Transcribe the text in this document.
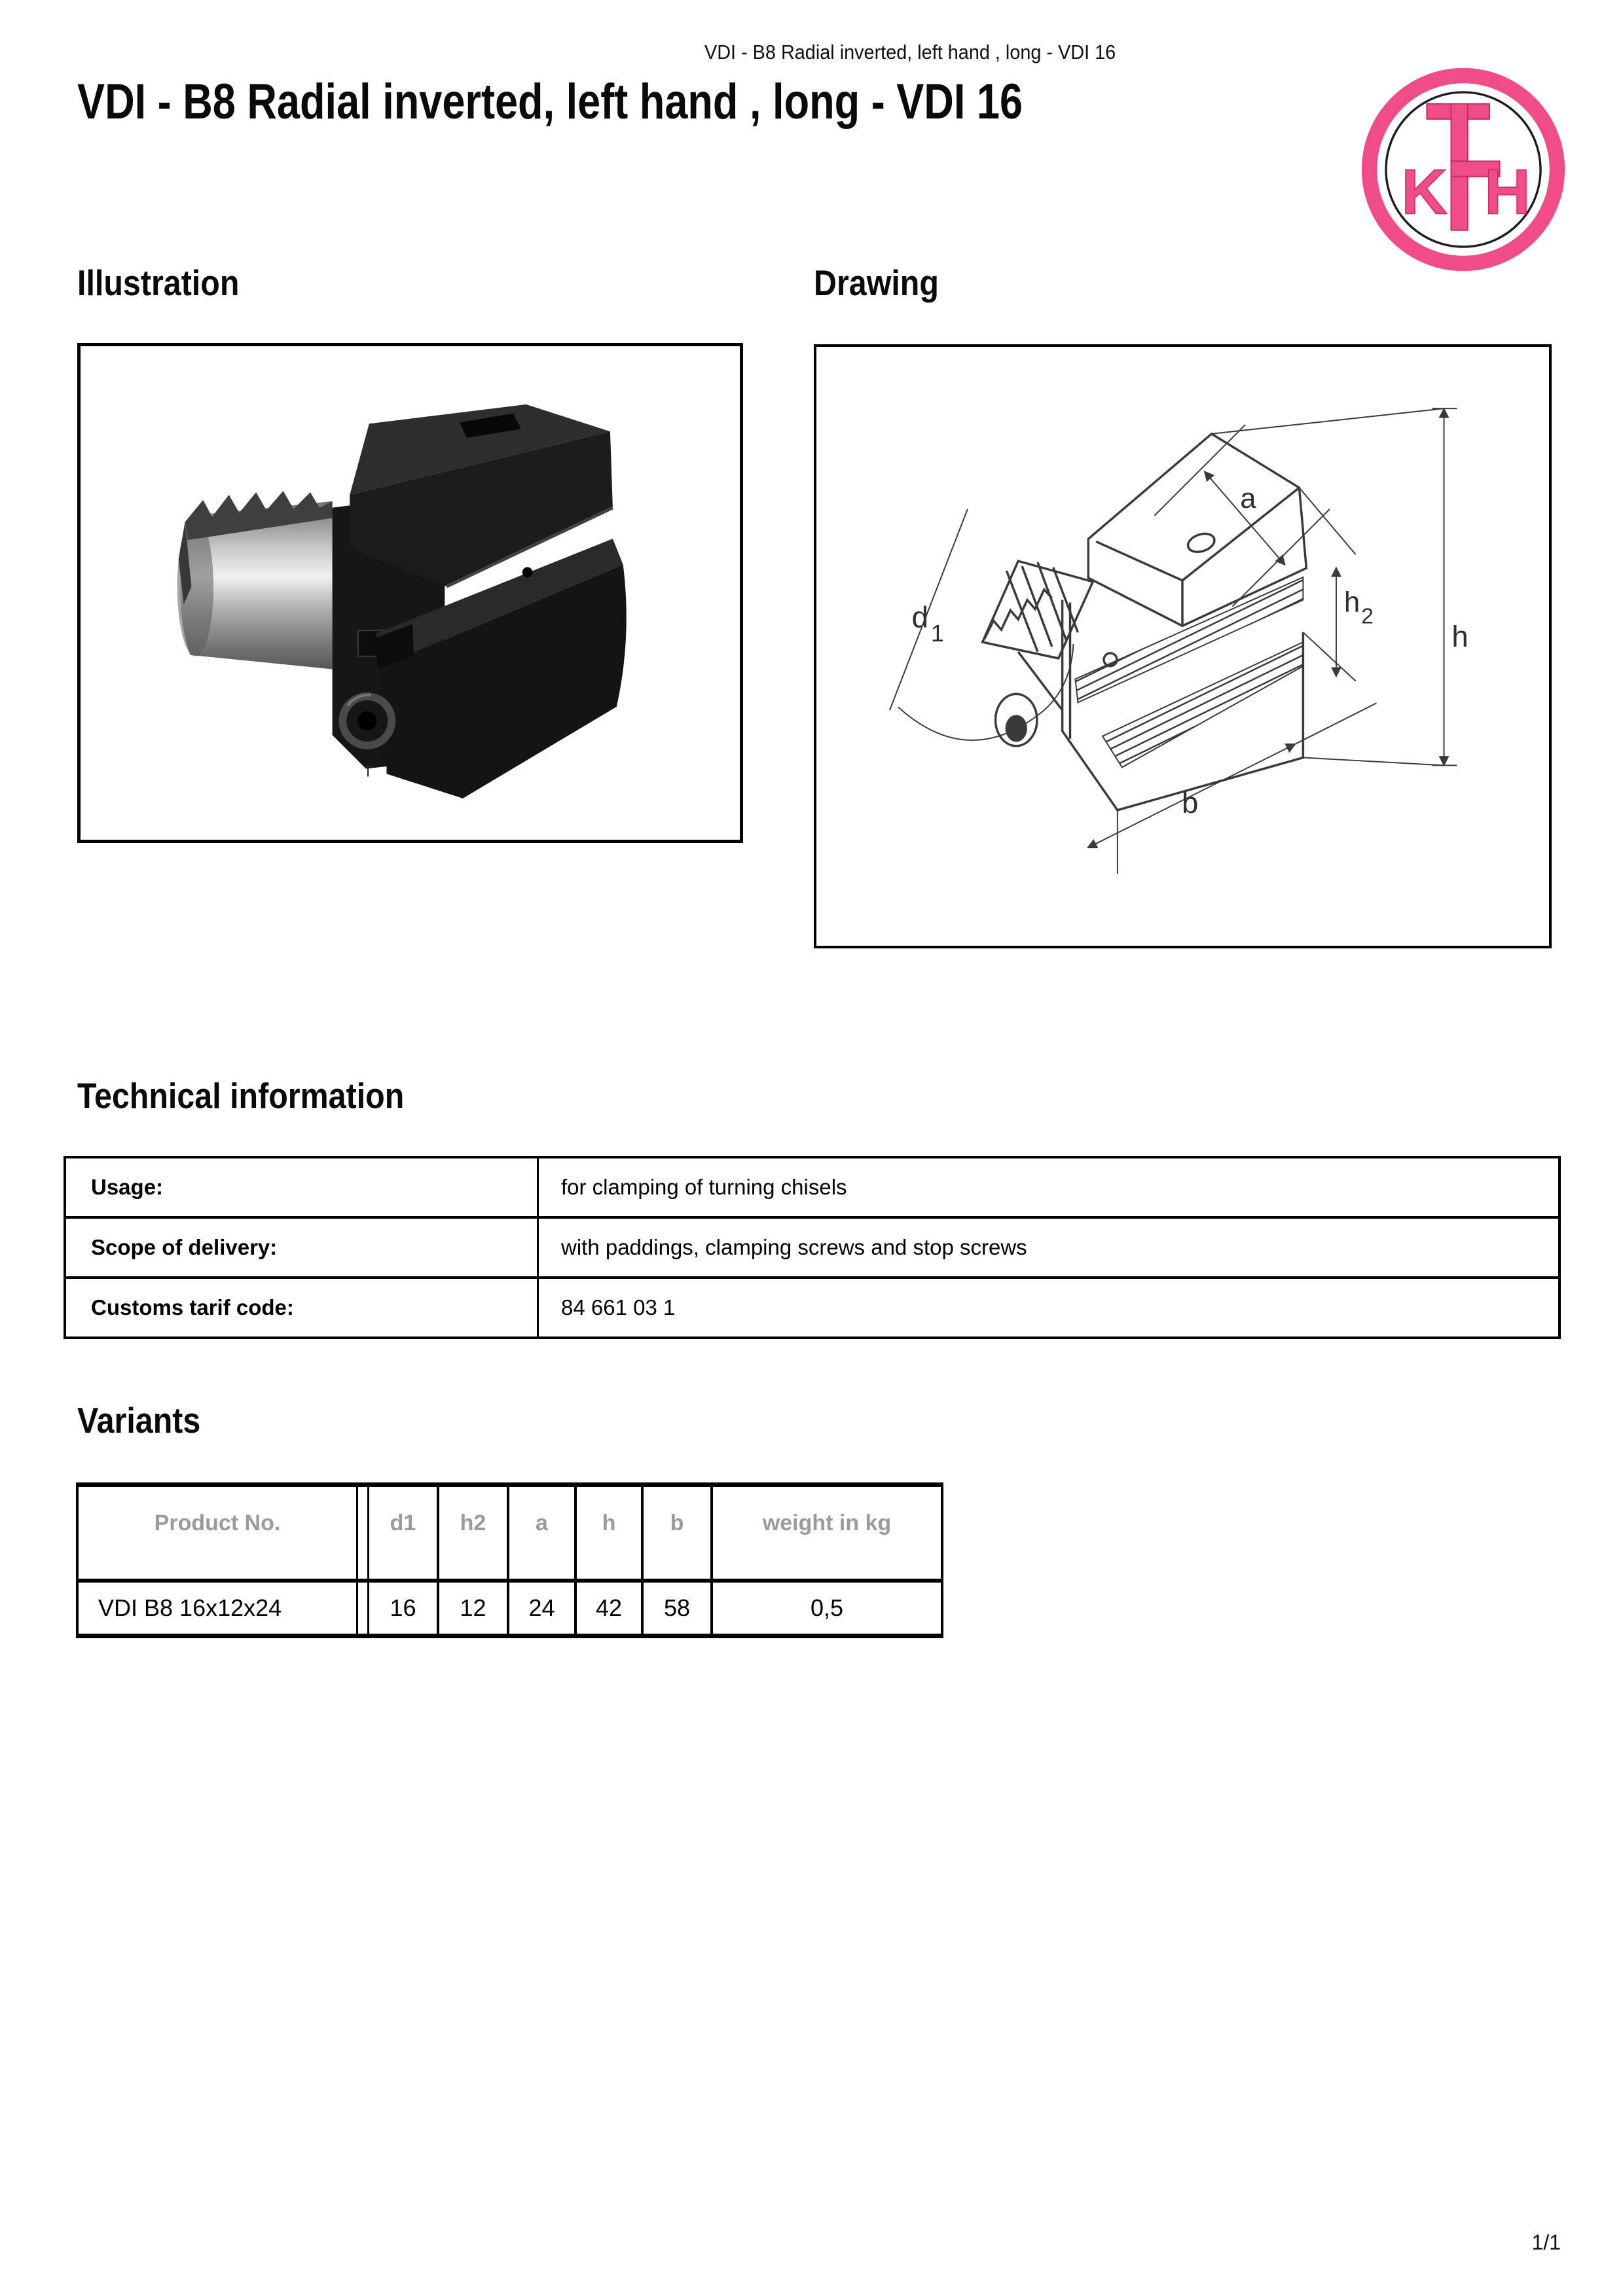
VDI - B8 Radial inverted, left hand , long - VDI 16
VDI - B8 Radial inverted, left hand , long - VDI 16
K H
Illustration	Drawing
T
d $_1$
a
h
$h_2$
b
Technical information
Usage:	for clamping of turning chisels
Scope of delivery:	with paddings, clamping screws and stop screws
Customs tarif code:	84 661 03 1
Variants
Product No.	d1	h2	a	h	b	weight in kg
VDI B8 16x12x24	16	12	24	42	58	0,5
1/1
